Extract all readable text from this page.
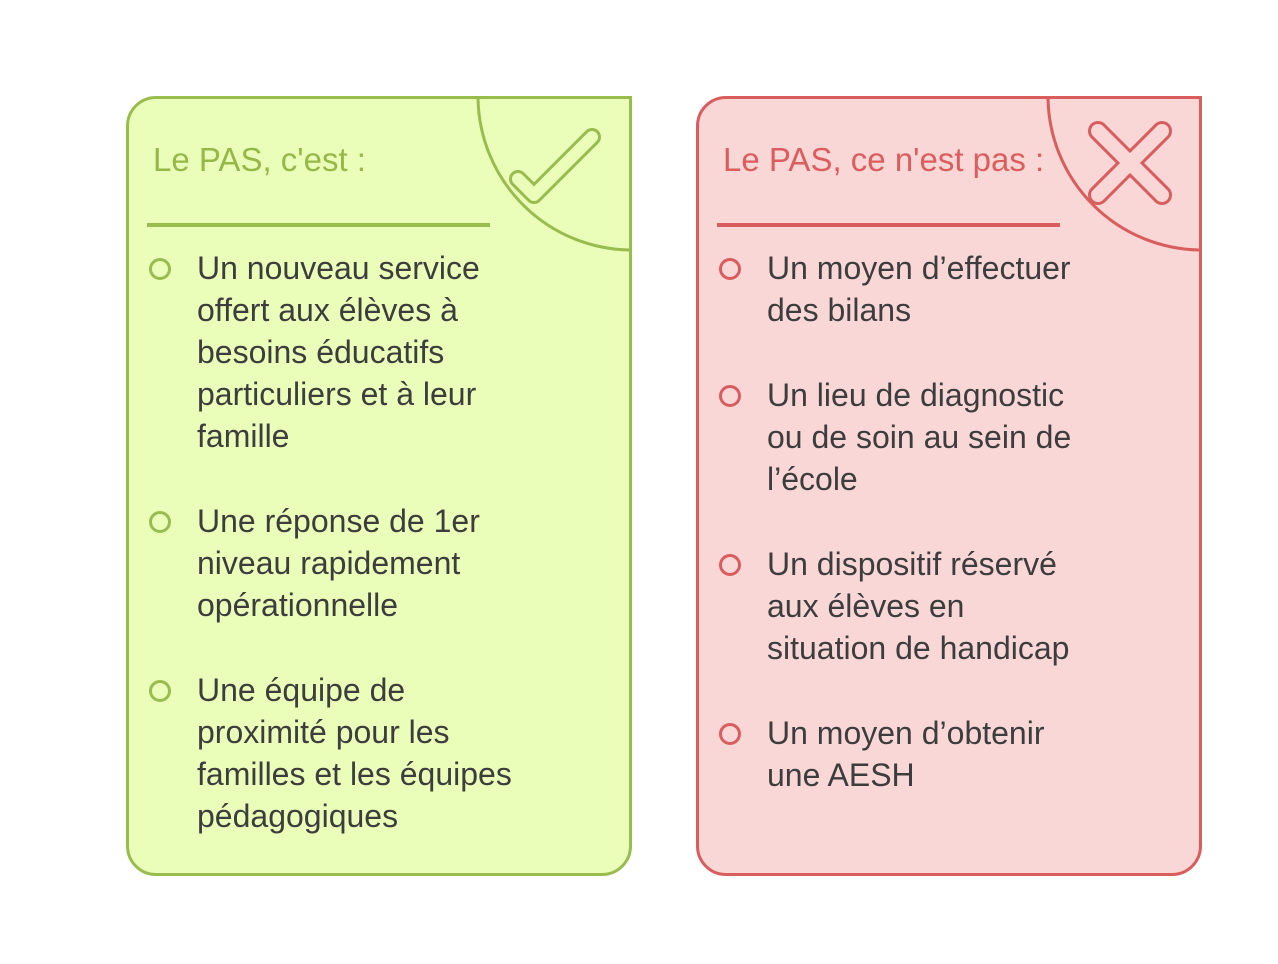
Le PAS, c'est :
Un nouveau service
offert aux élèves à
besoins éducatifs
particuliers et à leur
famille
Une réponse de 1er
niveau rapidement
opérationnelle
Une équipe de
proximité pour les
familles et les équipes
pédagogiques
Le PAS, ce n'est pas :
Un moyen d’effectuer
des bilans
Un lieu de diagnostic
ou de soin au sein de
l’école
Un dispositif réservé
aux élèves en
situation de handicap
Un moyen d’obtenir
une AESH
